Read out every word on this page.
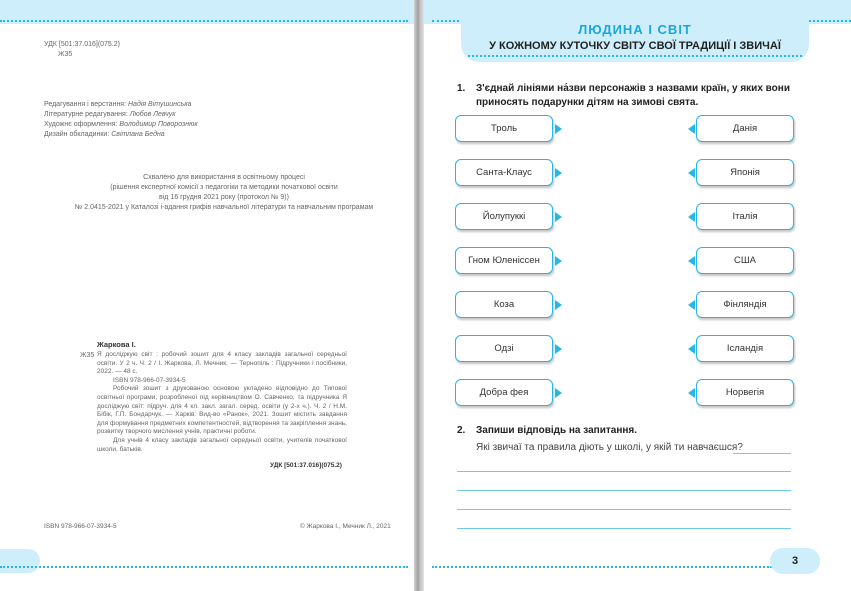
УДК [501:37.016](075.2)
Ж35
Редагування і верстання: Надія Вітушинська
Літературне редагування: Любов Левчук
Художнє оформлення: Володимир Поворознюк
Дизайн обкладинки: Світлана Бедна
Схвалено для використання в освітньому процесі
(рішення експертної комісії з педагогіки та методики початкової освіти
від 16 грудня 2021 року (протокол № 9))
№ 2.0415-2021 у Каталозі і-адання грифів навчальної літератури та навчальним програмам
Жаркова І.
Ж35 Я досліджую світ : робочий зошит для 4 класу закладів загальної середньої освіти. У 2 ч. Ч. 2 / І. Жаркова, Л. Мечник. — Тернопіль : Підручники і посібники, 2022. — 48 с.

ISBN 978-966-07-3934-5

Робочий зошит з друкованою основою укладено відповідно до Типової освітньої програми, розробленої під керівництвом О. Савченко, та підручника Я досліджую світ: підруч. для 4 кл. закл. загал. серед. освіти (у 2-х ч.). Ч. 2 / Н.М. Бібік, Г.П. Бондарчук. — Харків: Вид-во «Ранок», 2021. Зошит містить завдання для формування предметних компетентностей, відтворення та закріплення знань, розвитку творчого мислення учнів, практичні роботи.

Для учнів 4 класу закладів загальної середньої освіти, учителів початкової школи, батьків.

УДК [501:37.016](075.2)
ISBN 978-966-07-3934-5	© Жаркова І., Мечник Л., 2021
ЛЮДИНА І СВІТ
У КОЖНОМУ КУТОЧКУ СВІТУ СВОЇ ТРАДИЦІЇ І ЗВИЧАЇ
1. З'єднай лініями на́зви персонажів з назвами країн, у яких вони приносять подарунки дітям на зимові свята.
Троль
Санта-Клаус
Йолупуккі
Гном Юленіссен
Коза
Одзі
Добра фея
Данія
Японія
Італія
США
Фінляндія
Ісландія
Норвегія
2. Запиши відповідь на запитання.
Які звичаї та правила діють у школі, у якій ти навчаєшся?
3
